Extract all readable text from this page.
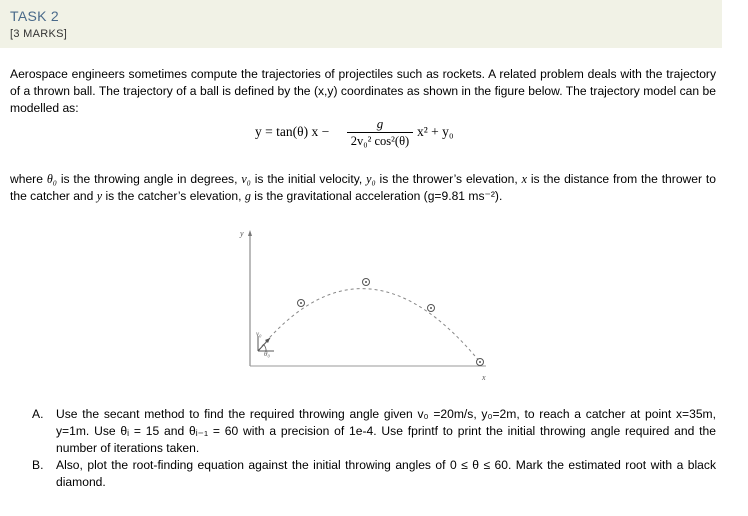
TASK 2
[3 MARKS]
Aerospace engineers sometimes compute the trajectories of projectiles such as rockets. A related problem deals with the trajectory of a thrown ball. The trajectory of a ball is defined by the (x,y) coordinates as shown in the figure below. The trajectory model can be modelled as:
y = tan(θ) x −
g
2v₀² cos²(θ)
x² + y₀
where θ₀ is the throwing angle in degrees, v₀ is the initial velocity, y₀ is the thrower’s elevation, x is the distance from the thrower to the catcher and y is the catcher’s elevation, g is the gravitational acceleration (g=9.81 ms⁻²).
y
x
v₀
θ₀
A. Use the secant method to find the required throwing angle given v₀ =20m/s, y₀=2m, to reach a catcher at point x=35m, y=1m. Use θᵢ = 15 and θᵢ₋₁ = 60 with a precision of 1e-4. Use fprintf to print the initial throwing angle required and the number of iterations taken.
B. Also, plot the root-finding equation against the initial throwing angles of 0 ≤ θ ≤ 60. Mark the estimated root with a black diamond.
